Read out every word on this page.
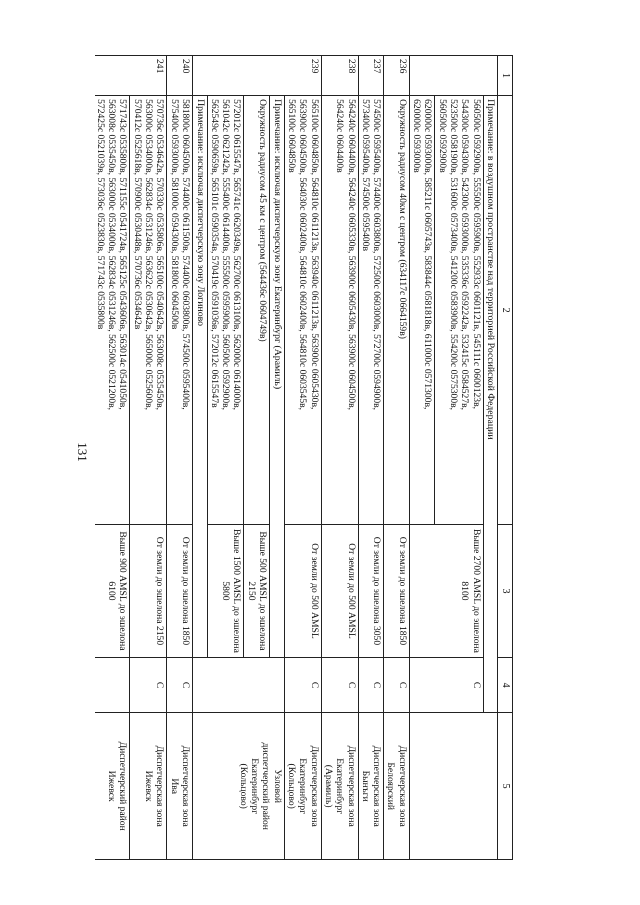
131
1	2	3	4	5
	Примечание: в воздушном пространстве над территорией Российской Федерации			

	560500с 0592900в, 555500с 0595900в, 552933с 0601121в, 545111с 0600123в,
544300с 0594300в, 542300с 0593000в, 535336с 0592242в, 532415с 0584527в,
523500с 0581900в, 531600с 0573400в, 541200с 0583900в, 554200с 0575300в,
560500с 0592900в	Выше 2700 AMSL до эшелона 8100	С	

	620000с 0593000в, 585211с 0605743в, 583844с 0581818в, 611000с 0571300в,
620000с 0593000в			

236	Окружность радиусом 40км с центром (634117с 0664159в)	От земли до эшелона 1850	С	Диспетчерская зона
Белоярский

237	574500с 0595400в, 574400с 0603800в, 572500с 0603000в, 572700с 0594900в,
573400с 0595400в, 574500с 0595400в	От земли до эшелона 3050	С	Диспетчерская зона
Бынъги

238	564240с 0604400в, 564240с 0605330в, 563900с 0605430в, 563900с 0604500в,
564240с 0604400в	От земли до 500 AMSL	С	Диспетчерская зона
Екатеринбург
(Арамиль)

239	565100с 0604850в, 564810с 0611213в, 563940с 0611213в, 563900с 0605430в,
563900с 0604500в, 564030с 0602400в, 564810с 0602400в, 564810с 0603545в,
565100с 0604850в	От земли до 500 AMSL	С	Диспетчерская зона
Екатеринбург
(Кольцово)

	Примечание: исключая диспетчерскую зону Екатеринбург (Арамиль)			Узловой
диспетчерский район
Екатеринбург
(Кольцово)

	Окружность радиусом 45 км с центром (564436с 0604749в)	Выше 500 AMSL до эшелона 2150		

	572012с 0615547в, 565741с 0620349в, 562700с 0613100в, 562000с 0614000в,
561042с 0621242в, 555400с 0614400в, 555500с 0595900в, 560500с 0592900в,
562549с 0590659в, 565101с 0590354в, 570419с 0591036в, 572012с 0615547в	Выше 1500 AMSL до эшелона 5800		
	Примечание: исключая диспетчерскую зону Логиново			
240	581800с 0604500в, 574400с 0611500в, 574400с 0603800в, 574500с 0595400в,
575400с 0593000в, 581000с 0594300в, 581800с 0604500в	От земли до эшелона 1850	С	Диспетчерская зона
Ива

241	570736с 0534642в, 570330с 0535806в, 565100с 0540642в, 563008с 0535450в,
563000с 0534000в, 562834с 0531246в, 563622с 0530642в, 565000с 0525600в,
570412с 0525618в, 570900с 0530448в, 570736с 0534642в	От земли до эшелона 2150	С	Диспетчерская зона
Ижевск

	571743с 0535800в, 571155с 0541724в, 565125с 0543606в, 563014с 0541050в,
563008с 0535450в, 563000с 0534000в, 562834с 0531246в, 562500с 0521200в,
572425с 0521039в, 573036с 0523830в, 571743с 0535800в	Выше 900 AMSL до эшелона 6100		Диспетчерский район
Ижевск
